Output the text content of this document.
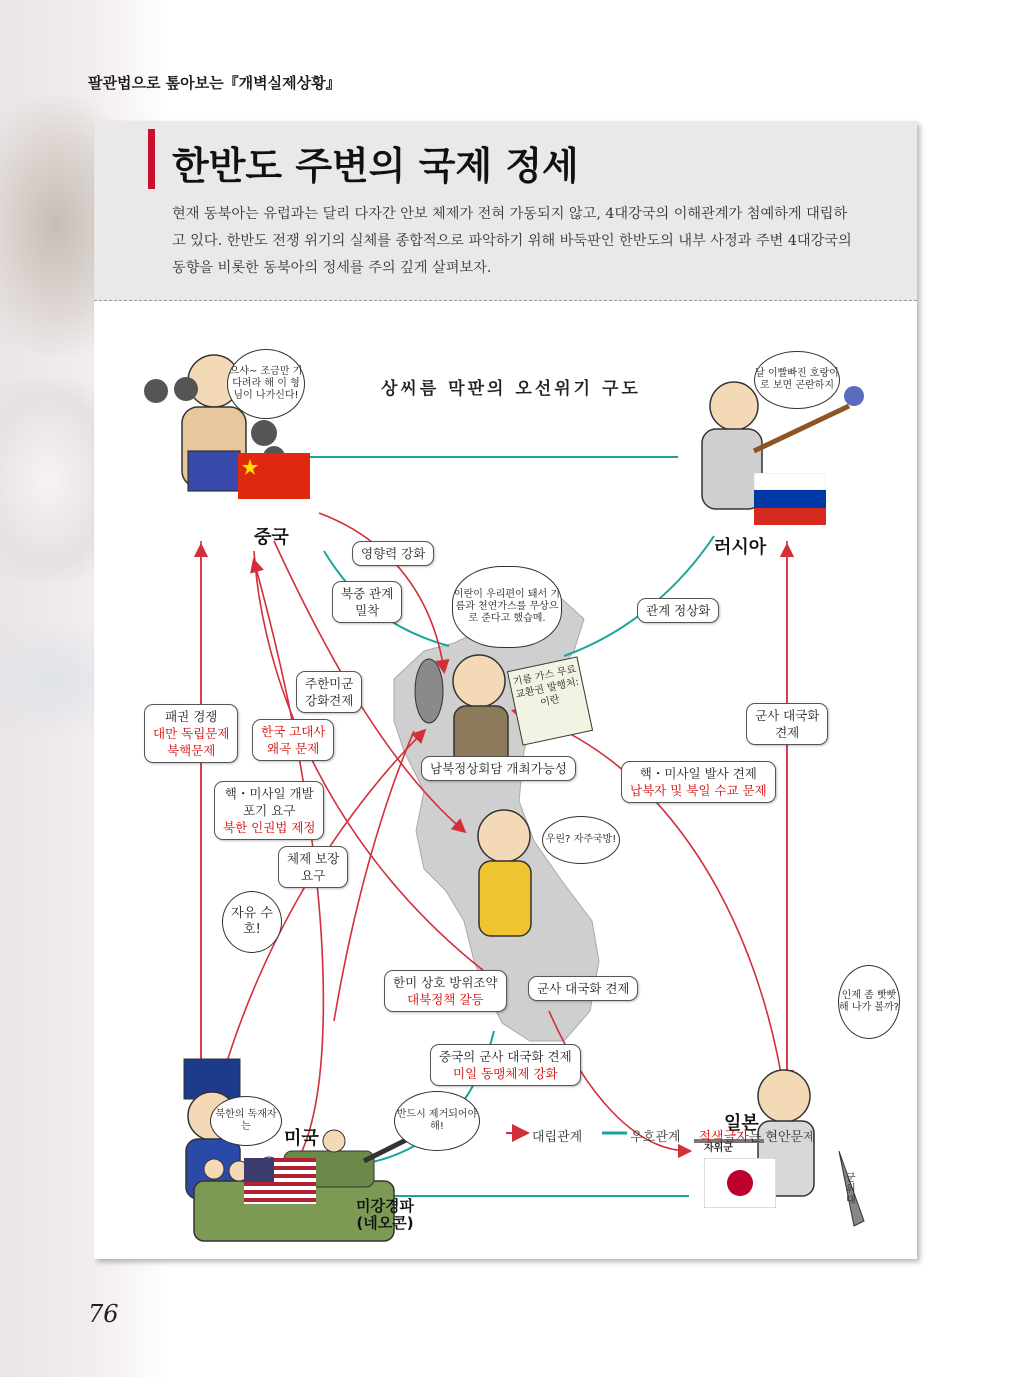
팔관법으로 톺아보는『개벽실제상황』
한반도 주변의 국제 정세

현재 동북아는 유럽과는 달리 다자간 안보 체제가 전혀 가동되지 않고, 4대강국의 이해관계가 첨예하게 대립하고 있다. 한반도 전쟁 위기의 실체를 종합적으로 파악하기 위해 바둑판인 한반도의 내부 사정과 주변 4대강국의 동향을 비롯한 동북아의 정세를 주의 깊게 살펴보자.

상씨름 막판의 오선위기 구도
중국	러시아
미국
일본
으샤~ 조금만 기다려라 해 이 형님이 나가신다!
날 이빨빠진 호랑이로 보면 곤란하지
이란이 우리편이 돼서 기름과 천연가스를 무상으로 준다고 했습메.
우린? 자주국방!
자유 수호!
인제 좀 빳빳해 나가 볼까?
북한의 독재자는
반드시 제거되어야 해!
기름 가스 무료교환권 발행처:이란
영향력 강화
북중 관계
밀착	관계 정상화
주한미군
강화견제
패권 경쟁
대만 독립문제
북핵문제
한국 고대사
왜곡 문제
군사 대국화
견제
남북정상회담 개최가능성	핵・미사일 발사 견제
납북자 및 북일 수교 문제
핵・미사일 개발
포기 요구
북한 인권법 제정
체제 보장
요구
한미 상호 방위조약
대북정책 갈등
군사 대국화 견제
중국의 군사 대국화 견제
미일 동맹체제 강화
자위군
군위대
미강경파
(네오콘)
대립관계	우호관계 적색글자 는 현안문제
76
